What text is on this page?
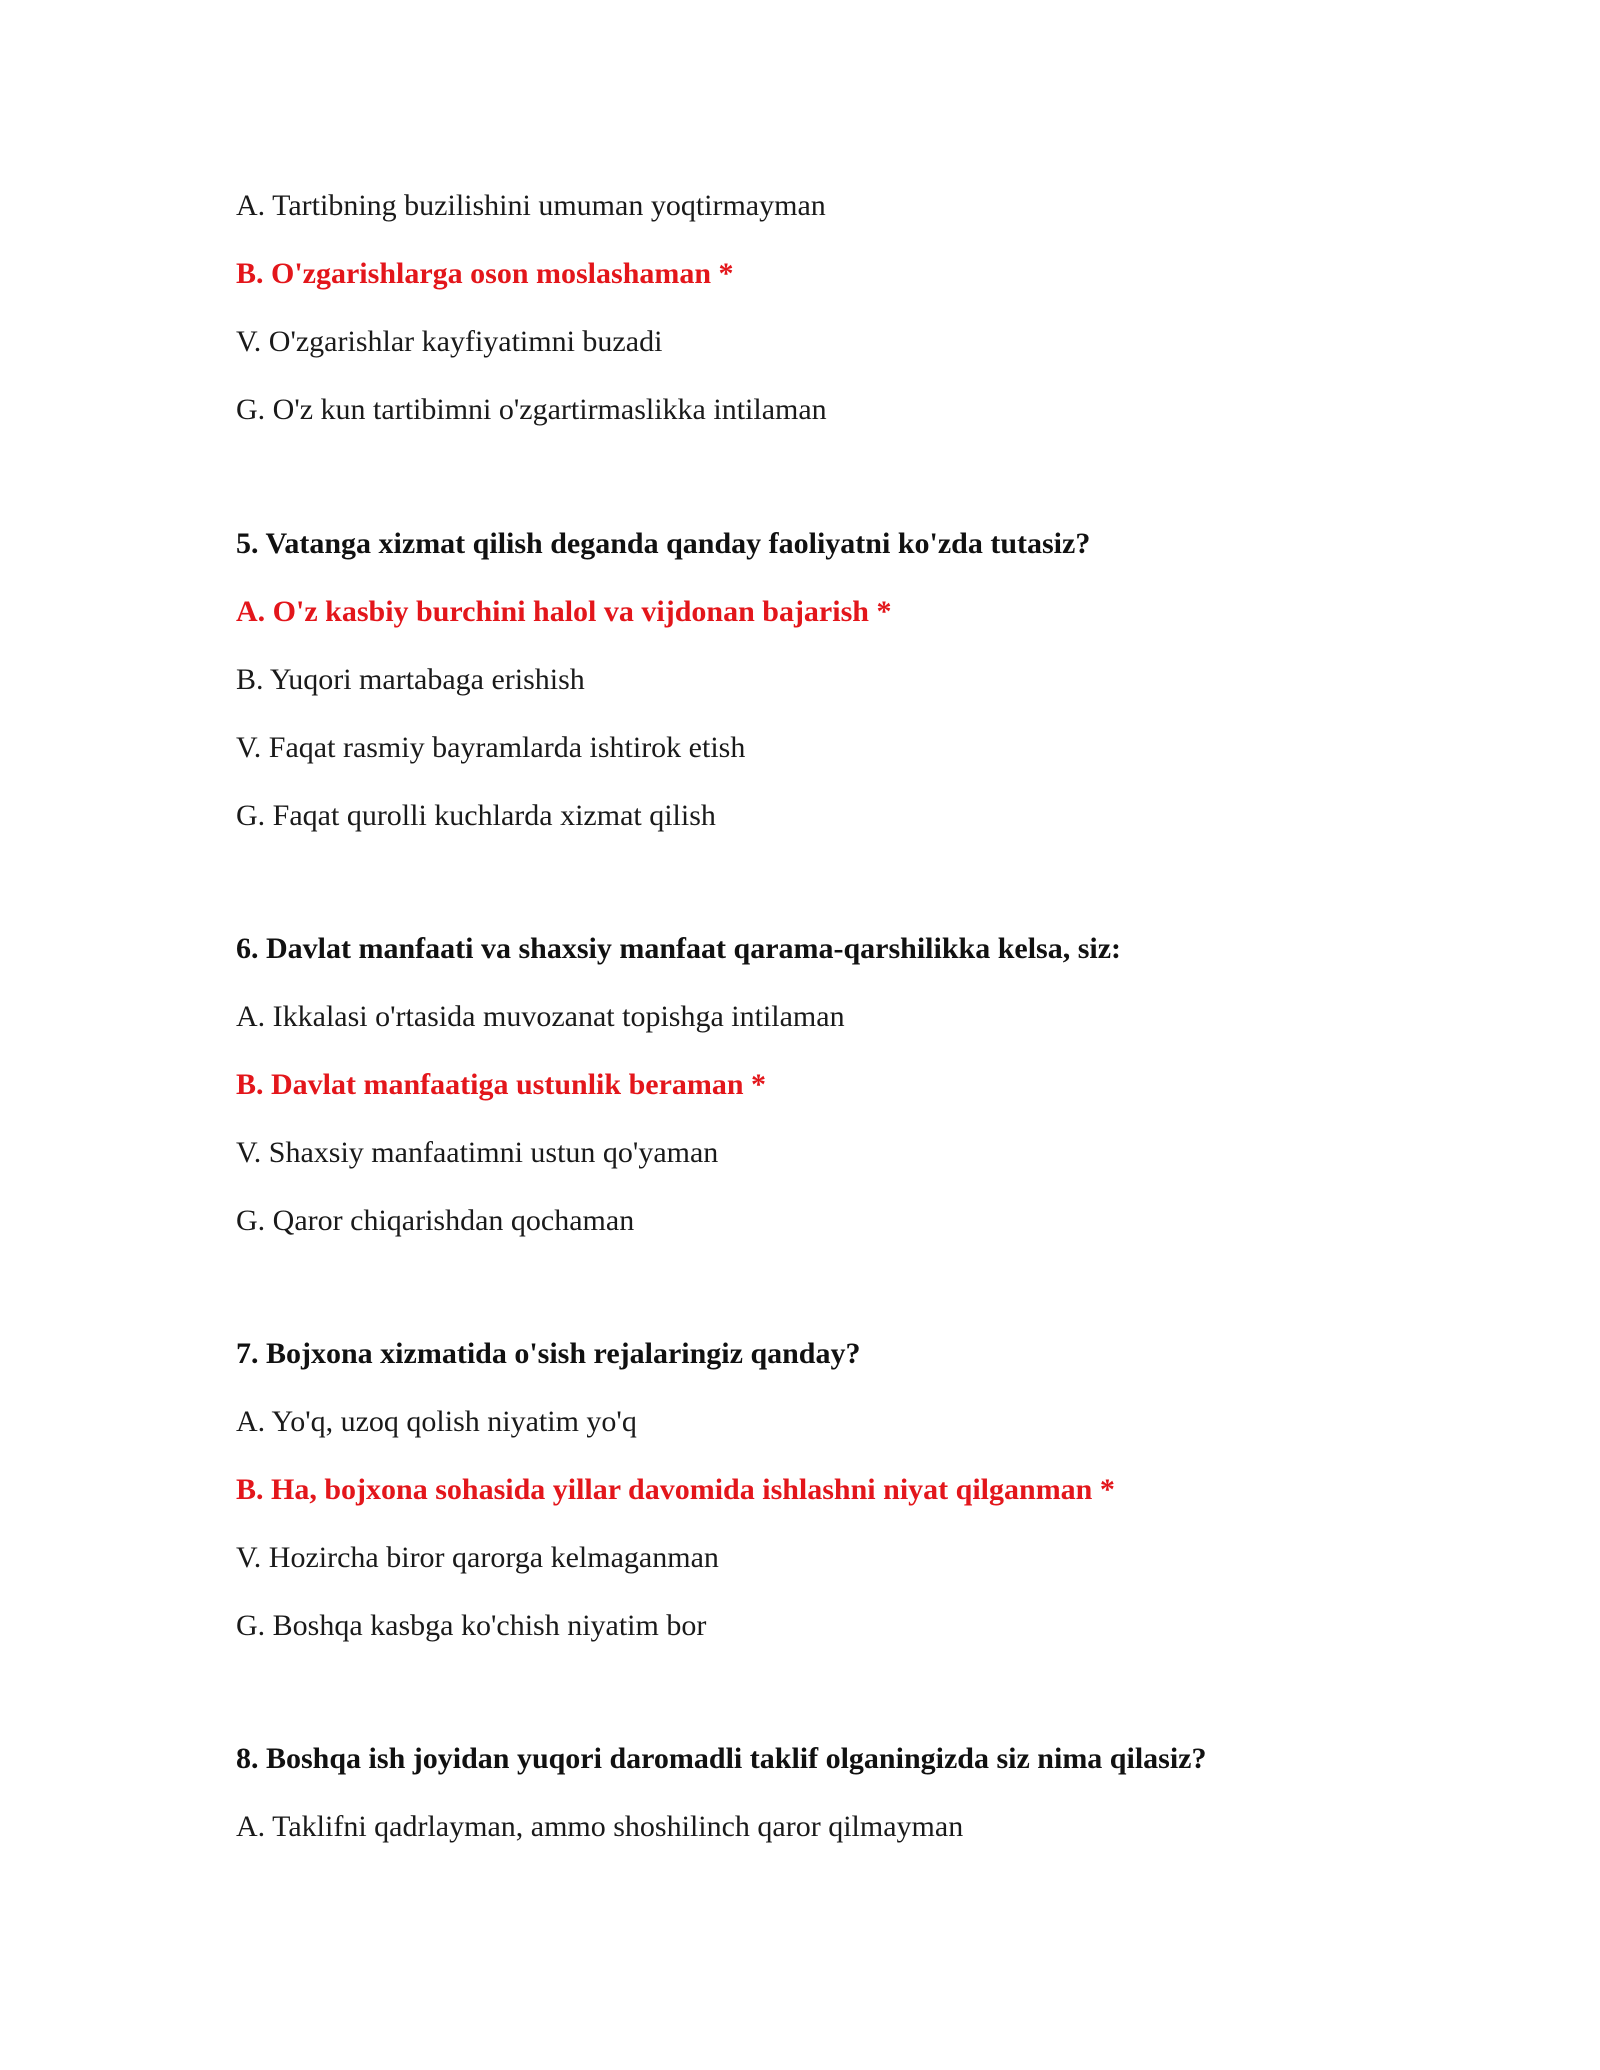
A. Tartibning buzilishini umuman yoqtirmayman
B. O'zgarishlarga oson moslashaman *
V. O'zgarishlar kayfiyatimni buzadi
G. O'z kun tartibimni o'zgartirmaslikka intilaman
5. Vatanga xizmat qilish deganda qanday faoliyatni ko'zda tutasiz?
A. O'z kasbiy burchini halol va vijdonan bajarish *
B. Yuqori martabaga erishish
V. Faqat rasmiy bayramlarda ishtirok etish
G. Faqat qurolli kuchlarda xizmat qilish
6. Davlat manfaati va shaxsiy manfaat qarama-qarshilikka kelsa, siz:
A. Ikkalasi o'rtasida muvozanat topishga intilaman
B. Davlat manfaatiga ustunlik beraman *
V. Shaxsiy manfaatimni ustun qo'yaman
G. Qaror chiqarishdan qochaman
7. Bojxona xizmatida o'sish rejalaringiz qanday?
A. Yo'q, uzoq qolish niyatim yo'q
B. Ha, bojxona sohasida yillar davomida ishlashni niyat qilganman *
V. Hozircha biror qarorga kelmaganman
G. Boshqa kasbga ko'chish niyatim bor
8. Boshqa ish joyidan yuqori daromadli taklif olganingizda siz nima qilasiz?
A. Taklifni qadrlayman, ammo shoshilinch qaror qilmayman
